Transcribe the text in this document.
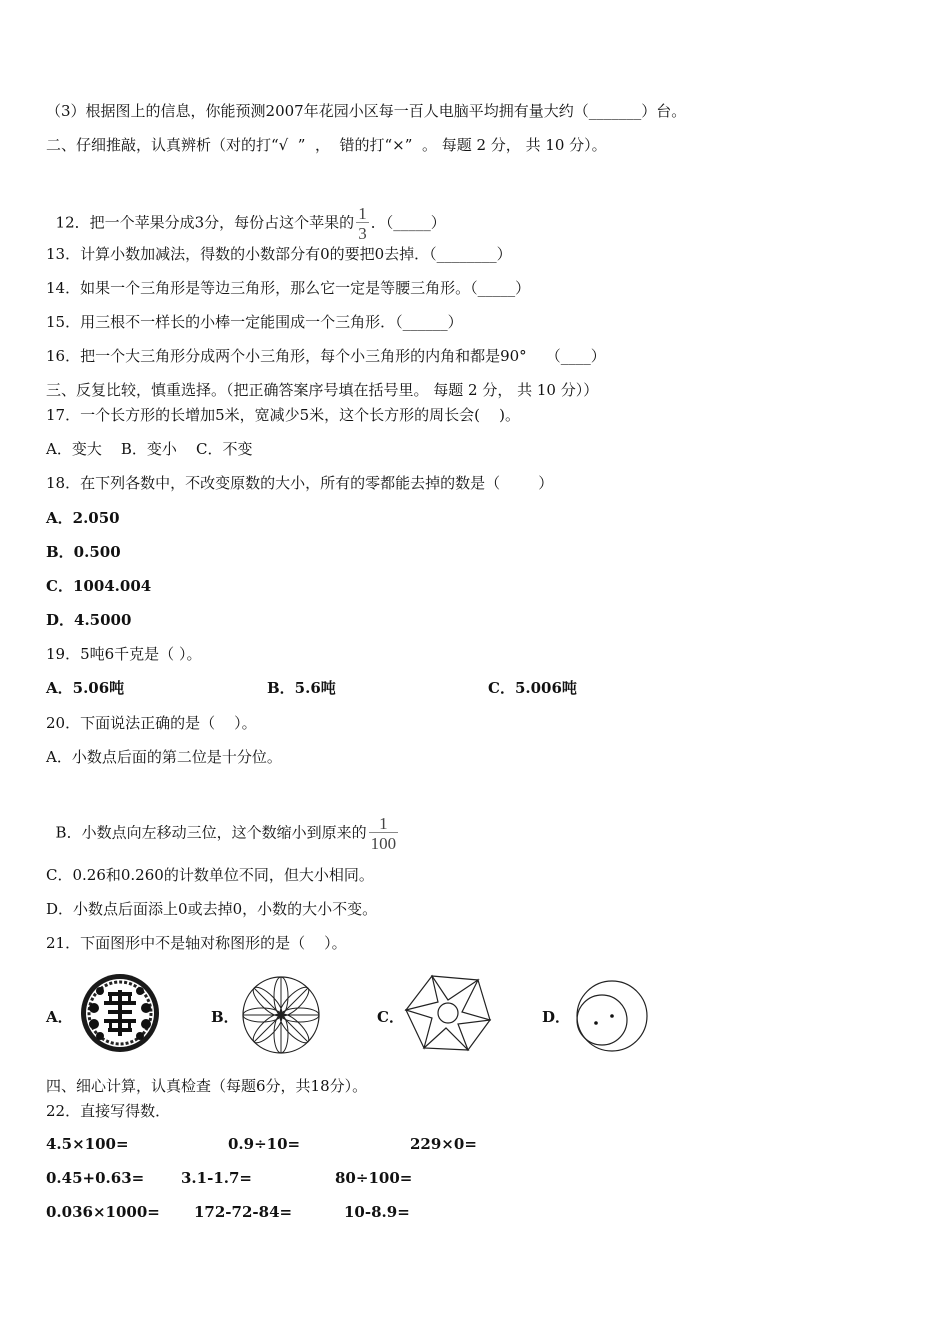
（3）根据图上的信息，你能预测2007年花园小区每一百人电脑平均拥有量大约（_______）台。
二、仔细推敲，认真辨析（对的打“√  ”  ，  错的打“×”  。 每题 2 分， 共 10 分）。

12．把一个苹果分成3分，每份占这个苹果的 $\frac{1}{3}$ ．（_____）

13．计算小数加减法，得数的小数部分有0的要把0去掉．（________）
14．如果一个三角形是等边三角形，那么它一定是等腰三角形。（_____）
15．用三根不一样长的小棒一定能围成一个三角形．（______）
16．把一个大三角形分成两个小三角形，每个小三角形的内角和都是90°    （____）
三、反复比较，慎重选择。（把正确答案序号填在括号里。 每题 2 分， 共 10 分））
17．一个长方形的长增加5米，宽减少5米，这个长方形的周长会(    )。
A．变大    B．变小    C．不变
18．在下列各数中，不改变原数的大小，所有的零都能去掉的数是（        ）
A．2.050
B．0.500
C．1004.004
D．4.5000
19．5吨6千克是（ ）。
A．5.06吨	B．5.6吨	C．5.006吨
20．下面说法正确的是（    ）。
A．小数点后面的第二位是十分位。

B．小数点向左移动三位，这个数缩小到原来的 $\frac{1}{100}$

C．0.26和0.260的计数单位不同，但大小相同。
D．小数点后面添上0或去掉0，小数的大小不变。
21．下面图形中不是轴对称图形的是（    ）。
A．	B．	C．	D．
四、细心计算，认真检查（每题6分，共18分）。
22．直接写得数．
4.5×100=	0.9÷10=	229×0=
0.45+0.63= 3.1-1.7=	80÷100=
0.036×1000= 172-72-84=	10-8.9=
